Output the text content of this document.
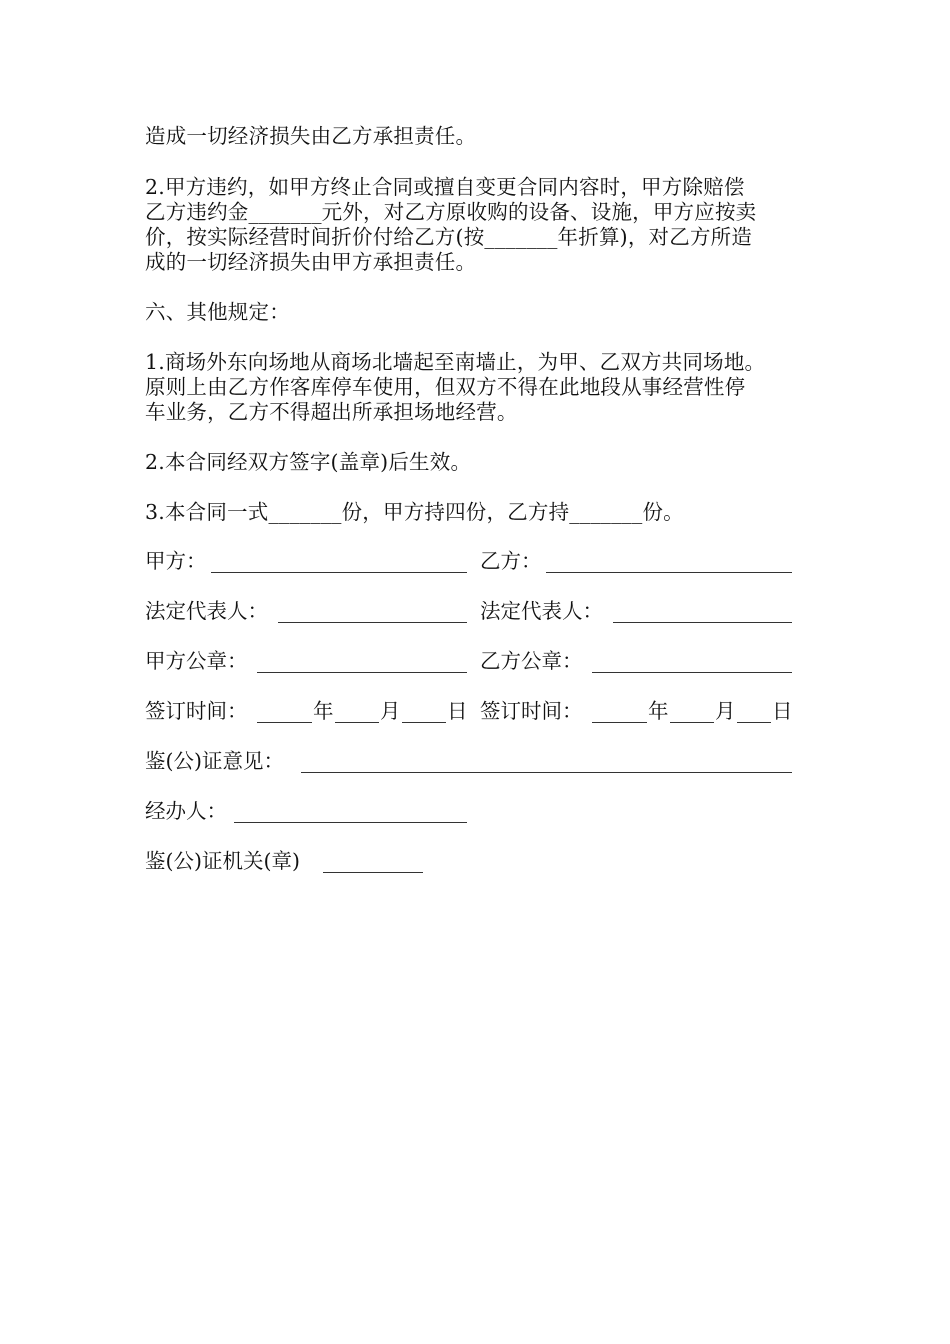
造成一切经济损失由乙方承担责任。
2.甲方违约，如甲方终止合同或擅自变更合同内容时，甲方除赔偿
乙方违约金_______元外，对乙方原收购的设备、设施，甲方应按卖
价，按实际经营时间折价付给乙方(按_______年折算)，对乙方所造
成的一切经济损失由甲方承担责任。
六、其他规定：
1.商场外东向场地从商场北墙起至南墙止，为甲、乙双方共同场地。
原则上由乙方作客库停车使用，但双方不得在此地段从事经营性停
车业务，乙方不得超出所承担场地经营。
2.本合同经双方签字(盖章)后生效。
3.本合同一式_______份，甲方持四份，乙方持_______份。
甲方：	乙方：
法定代表人：	法定代表人：
甲方公章：	乙方公章：
签订时间：	年 月 日 签订时间：	年 月 日
鉴(公)证意见：
经办人：
鉴(公)证机关(章)
